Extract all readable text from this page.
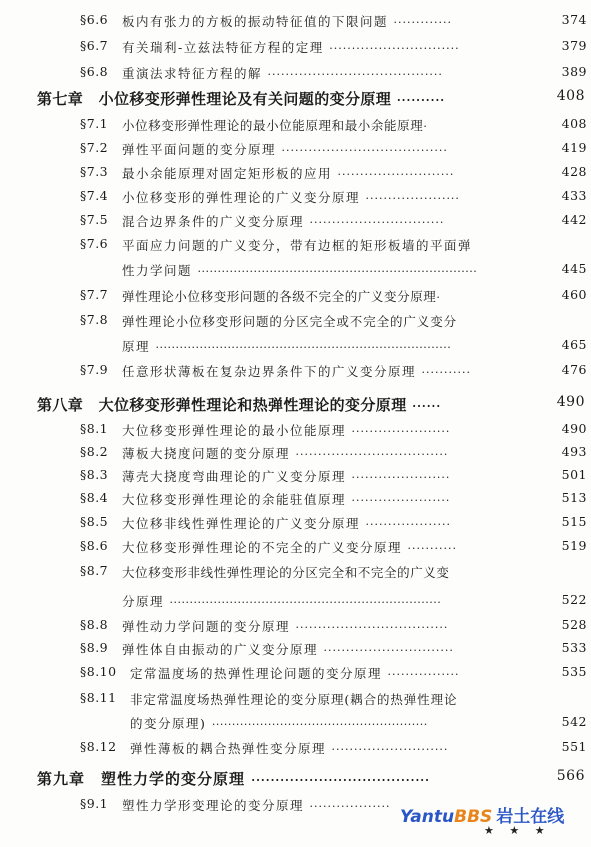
§6.6 板内有张力的方板的振动特征值的下限问题 ·············	374
§6.7 有关瑞利-立兹法特征方程的定理 ·····························	379
§6.8 重演法求特征方程的解 ·······································	389
第七章　小位移变形弹性理论及有关问题的变分原理 ··········	408
§7.1 小位移变形弹性理论的最小位能原理和最小余能原理·	408
§7.2 弹性平面问题的变分原理 ·····································	419
§7.3 最小余能原理对固定矩形板的应用 ··························	428
§7.4 小位移变形的弹性理论的广义变分原理 ·····················	433
§7.5 混合边界条件的广义变分原理 ······························	442
§7.6 平面应力问题的广义变分，带有边框的矩形板墙的平面弹
性力学问题 ······································································	445
§7.7 弹性理论小位移变形问题的各级不完全的广义变分原理·	460
§7.8 弹性理论小位移变形问题的分区完全或不完全的广义变分
原理 ··········································································	465
§7.9 任意形状薄板在复杂边界条件下的广义变分原理 ···········	476
第八章　大位移变形弹性理论和热弹性理论的变分原理 ······	490
§8.1 大位移变形弹性理论的最小位能原理 ······················	490
§8.2 薄板大挠度问题的变分原理 ··································	493
§8.3 薄壳大挠度弯曲理论的广义变分原理 ······················	501
§8.4 大位移变形弹性理论的余能驻值原理 ······················	513
§8.5 大位移非线性弹性理论的广义变分原理 ···················	515
§8.6 大位移变形弹性理论的不完全的广义变分原理 ···········	519
§8.7 大位移变形非线性弹性理论的分区完全和不完全的广义变
分原理 ····································································	522
§8.8 弹性动力学问题的变分原理 ··································	528
§8.9 弹性体自由振动的广义变分原理 ·····························	533
§8.10 定常温度场的热弹性理论问题的变分原理 ················	535
§8.11 非定常温度场热弹性理论的变分原理(耦合的热弹性理论
的变分原理) ······················································	542
§8.12 弹性薄板的耦合热弹性变分原理 ··························	551
第九章　塑性力学的变分原理 ·····································	566
§9.1 塑性力学形变理论的变分原理 ··················
YantuBBS 岩土在线
★ ★ ★
